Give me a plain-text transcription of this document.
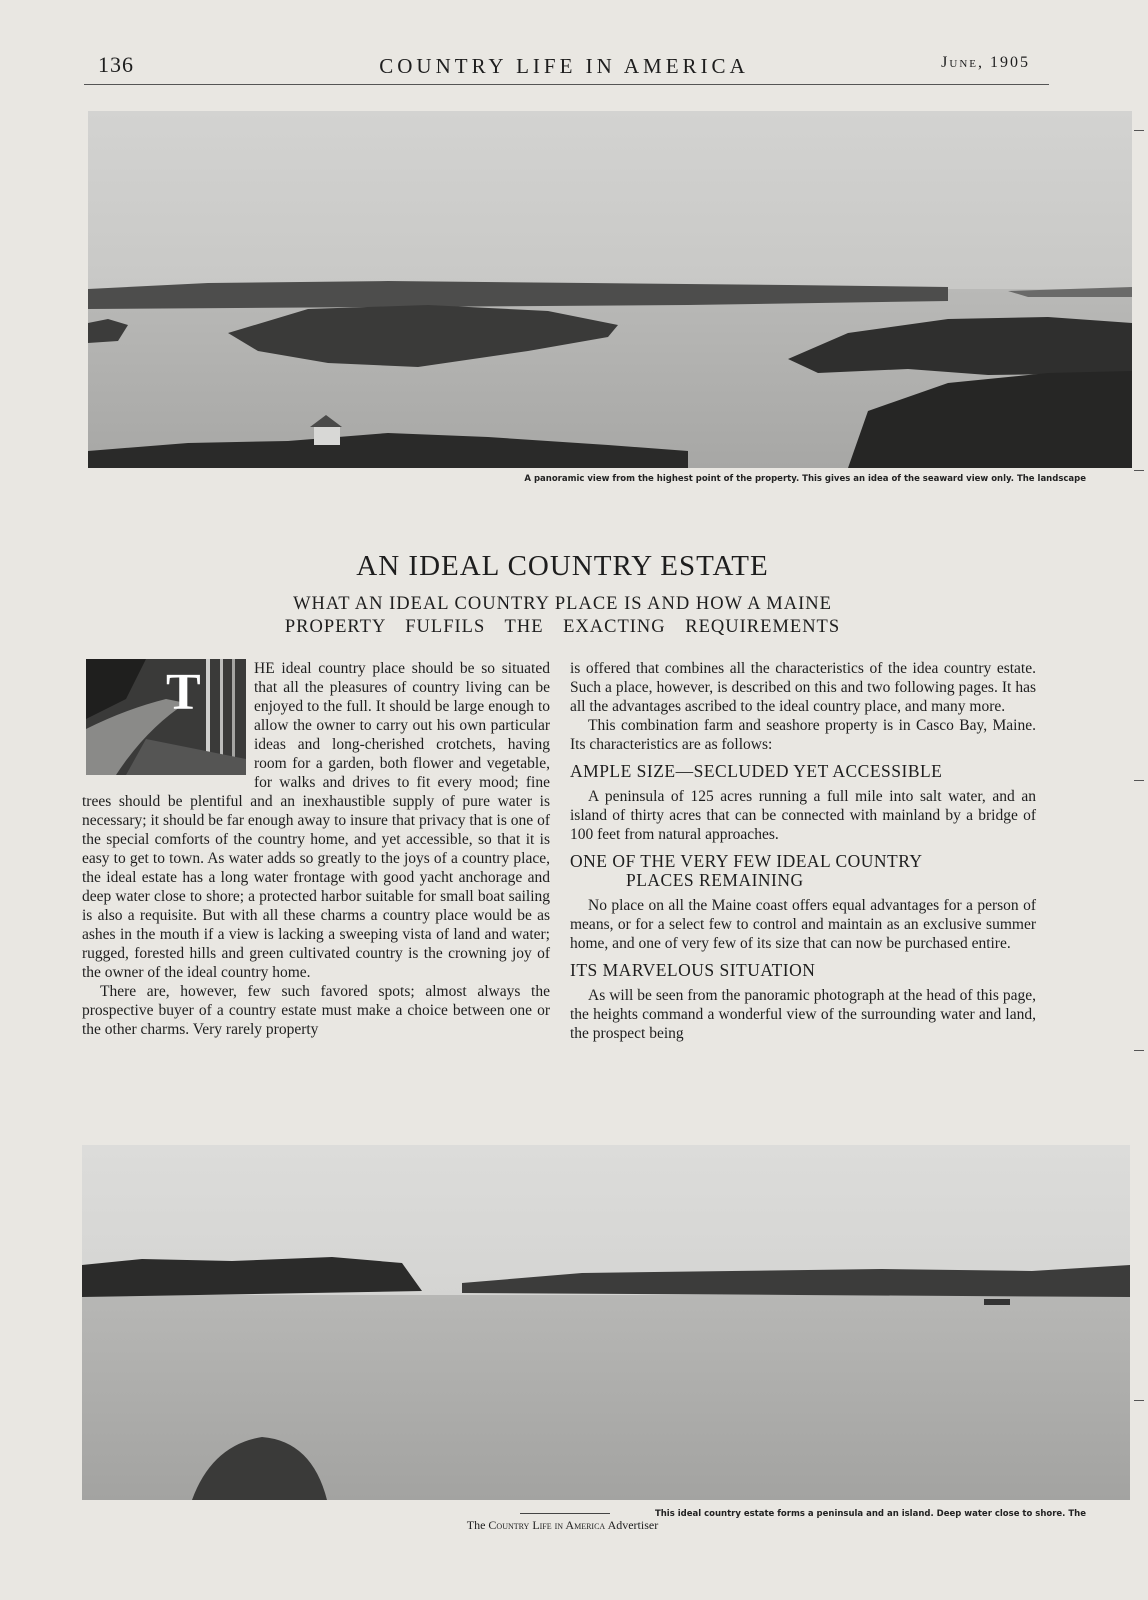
136	COUNTRY LIFE IN AMERICA	June, 1905
A panoramic view from the highest point of the property. This gives an idea of the seaward view only. The landscape
AN IDEAL COUNTRY ESTATE
WHAT AN IDEAL COUNTRY PLACE IS AND HOW A MAINE
PROPERTY FULFILS THE EXACTING REQUIREMENTS
T	HE ideal country place should be so situated that all the pleasures of country living can be enjoyed to the full. It should be large enough to allow the owner to carry out his own particular ideas and long-cherished crotchets, having room for a garden, both flower and vegetable, for walks and drives to fit every mood; fine trees should be plentiful and an inexhaustible supply of pure water is necessary; it should be far enough away to insure that privacy that is one of the special comforts of the country home, and yet accessible, so that it is easy to get to town. As water adds so greatly to the joys of a country place, the ideal estate has a long water frontage with good yacht anchorage and deep water close to shore; a protected harbor suitable for small boat sailing is also a requisite. But with all these charms a country place would be as ashes in the mouth if a view is lacking a sweeping vista of land and water; rugged, forested hills and green cultivated country is the crowning joy of the owner of the ideal country home.

There are, however, few such favored spots; almost always the prospective buyer of a country estate must make a choice between one or the other charms. Very rarely property

is offered that combines all the characteristics of the idea country estate. Such a place, however, is described on this and two following pages. It has all the advantages ascribed to the ideal country place, and many more.

This combination farm and seashore property is in Casco Bay, Maine. Its characteristics are as follows:

AMPLE SIZE—SECLUDED YET ACCESSIBLE

A peninsula of 125 acres running a full mile into salt water, and an island of thirty acres that can be connected with mainland by a bridge of 100 feet from natural approaches.

ONE OF THE VERY FEW IDEAL COUNTRY
PLACES REMAINING

No place on all the Maine coast offers equal advantages for a person of means, or for a select few to control and maintain as an exclusive summer home, and one of very few of its size that can now be purchased entire.

ITS MARVELOUS SITUATION

As will be seen from the panoramic photograph at the head of this page, the heights command a wonderful view of the surrounding water and land, the prospect being

This ideal country estate forms a peninsula and an island. Deep water close to shore. The
The Country Life in America Advertiser
